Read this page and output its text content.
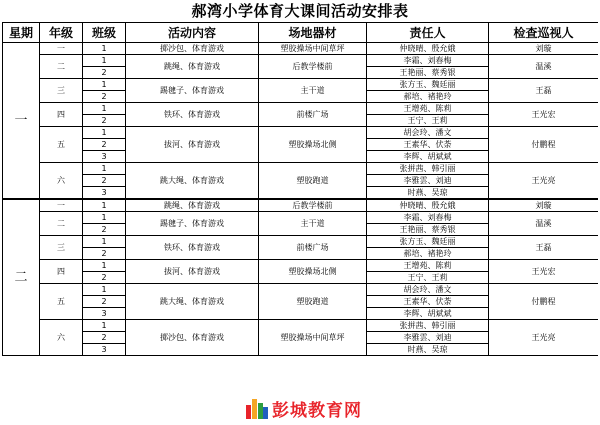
郝湾小学体育大课间活动安排表
星期	年级	班级	活动内容	场地器材	责任人	检查巡视人
一	一	1	掷沙包、体育游戏	塑胶操场中间草坪	仲晓晴、殷允娥	刘璇
	二	1	跳绳、体育游戏	后教学楼前	李霜、刘春梅	温溪
		2			王艳丽、蔡秀银	
	三	1	踢毽子、体育游戏	主干道	张方玉、魏廷丽	王磊
		2			郝培、褚艳玲	
	四	1	铁环、体育游戏	前楼广场	王增苑、陈莉	王光宏
		2			王宁、王莉	
	五	1	拔河、体育游戏	塑胶操场北侧	胡会玲、潘文	付鹏程
		2			王素华、伏荼	
		3			李辉、胡斌斌	
	六	1	跳大绳、体育游戏	塑胶跑道	张拼茜、韩引丽	王光亮
		2			李雅雲、刘迪	
		3			时燕、吴琼	
二	一	1	跳绳、体育游戏	后教学楼前	仲晓晴、殷允娥	刘璇
	二	1	踢毽子、体育游戏	主干道	李霜、刘春梅	温溪
		2			王艳丽、蔡秀银	
	三	1	铁环、体育游戏	前楼广场	张方玉、魏廷丽	王磊
		2			郝培、褚艳玲	
	四	1	拔河、体育游戏	塑胶操场北侧	王增苑、陈莉	王光宏
		2			王宁、王莉	
	五	1	跳大绳、体育游戏	塑胶跑道	胡会玲、潘文	付鹏程
		2			王素华、伏荼	
		3			李辉、胡斌斌	
	六	1	掷沙包、体育游戏	塑胶操场中间草坪	张拼茜、韩引丽	王光亮
		2			李雅雲、刘迪	
		3			时燕、吴琼	
彭城教育网
